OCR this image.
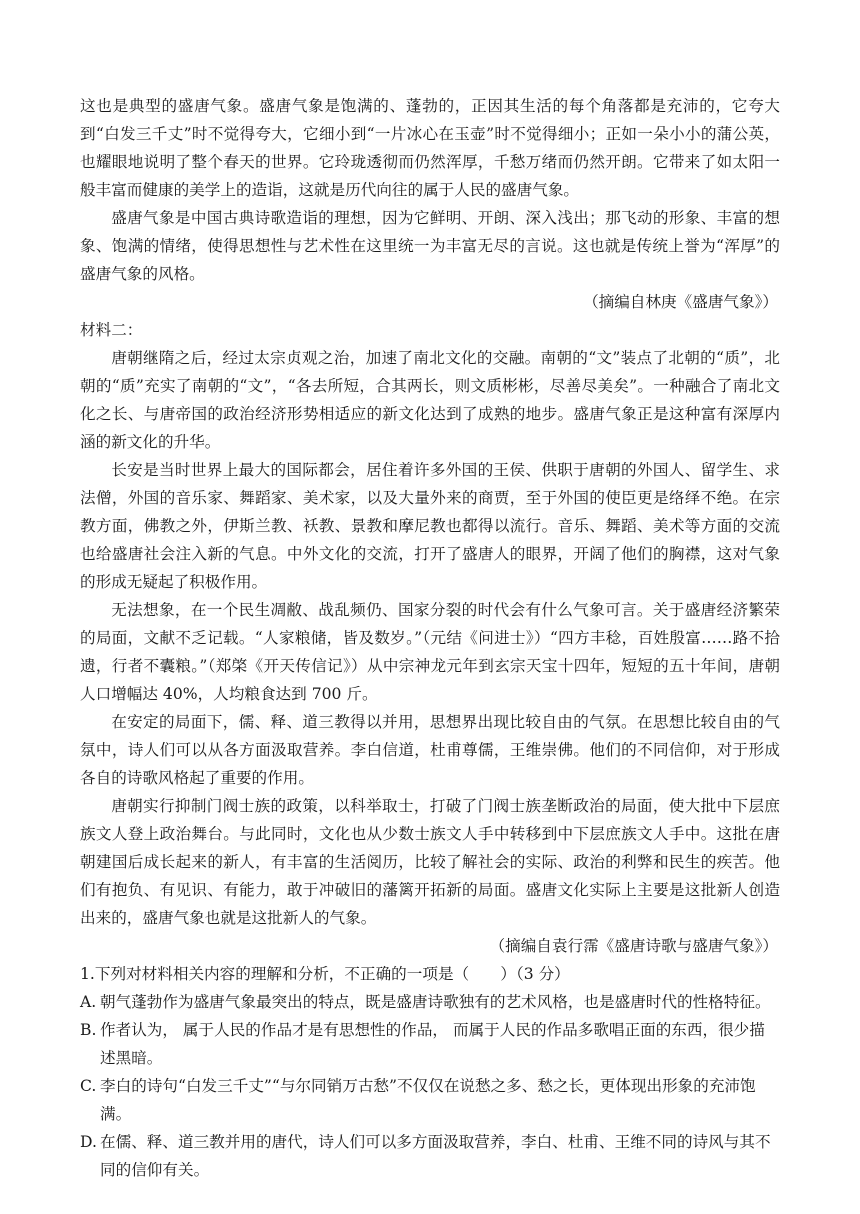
这也是典型的盛唐气象。盛唐气象是饱满的、蓬勃的，正因其生活的每个角落都是充沛的，它夸大到“白发三千丈”时不觉得夸大，它细小到“一片冰心在玉壶”时不觉得细小；正如一朵小小的蒲公英，也耀眼地说明了整个春天的世界。它玲珑透彻而仍然浑厚，千愁万绪而仍然开朗。它带来了如太阳一般丰富而健康的美学上的造诣，这就是历代向往的属于人民的盛唐气象。

盛唐气象是中国古典诗歌造诣的理想，因为它鲜明、开朗、深入浅出；那飞动的形象、丰富的想象、饱满的情绪，使得思想性与艺术性在这里统一为丰富无尽的言说。这也就是传统上誉为“浑厚”的盛唐气象的风格。

（摘编自林庚《盛唐气象》）

材料二：

唐朝继隋之后，经过太宗贞观之治，加速了南北文化的交融。南朝的“文”装点了北朝的“质”，北朝的“质”充实了南朝的“文”，“各去所短，合其两长，则文质彬彬，尽善尽美矣”。一种融合了南北文化之长、与唐帝国的政治经济形势相适应的新文化达到了成熟的地步。盛唐气象正是这种富有深厚内涵的新文化的升华。

长安是当时世界上最大的国际都会，居住着许多外国的王侯、供职于唐朝的外国人、留学生、求法僧，外国的音乐家、舞蹈家、美术家，以及大量外来的商贾，至于外国的使臣更是络绎不绝。在宗教方面，佛教之外，伊斯兰教、袄教、景教和摩尼教也都得以流行。音乐、舞蹈、美术等方面的交流也给盛唐社会注入新的气息。中外文化的交流，打开了盛唐人的眼界，开阔了他们的胸襟，这对气象的形成无疑起了积极作用。

无法想象，在一个民生凋敝、战乱频仍、国家分裂的时代会有什么气象可言。关于盛唐经济繁荣的局面，文献不乏记载。“人家粮储，皆及数岁。”（元结《问进士》）“四方丰稔，百姓殷富……路不拾遗，行者不囊粮。”（郑棨《开天传信记》）从中宗神龙元年到玄宗天宝十四年，短短的五十年间，唐朝人口增幅达 40%，人均粮食达到 700 斤。

在安定的局面下，儒、释、道三教得以并用，思想界出现比较自由的气氛。在思想比较自由的气氛中，诗人们可以从各方面汲取营养。李白信道，杜甫尊儒，王维崇佛。他们的不同信仰，对于形成各自的诗歌风格起了重要的作用。

唐朝实行抑制门阀士族的政策，以科举取士，打破了门阀士族垄断政治的局面，使大批中下层庶族文人登上政治舞台。与此同时，文化也从少数士族文人手中转移到中下层庶族文人手中。这批在唐朝建国后成长起来的新人，有丰富的生活阅历，比较了解社会的实际、政治的利弊和民生的疾苦。他们有抱负、有见识、有能力，敢于冲破旧的藩篱开拓新的局面。盛唐文化实际上主要是这批新人创造出来的，盛唐气象也就是这批新人的气象。

（摘编自袁行霈《盛唐诗歌与盛唐气象》）

1.下列对材料相关内容的理解和分析，不正确的一项是（　　）（3 分）

A. 朝气蓬勃作为盛唐气象最突出的特点，既是盛唐诗歌独有的艺术风格，也是盛唐时代的性格特征。
B. 作者认为， 属于人民的作品才是有思想性的作品， 而属于人民的作品多歌唱正面的东西，很少描述黑暗。
C. 李白的诗句“白发三千丈”“与尔同销万古愁”不仅仅在说愁之多、愁之长，更体现出形象的充沛饱满。
D. 在儒、释、道三教并用的唐代，诗人们可以多方面汲取营养，李白、杜甫、王维不同的诗风与其不同的信仰有关。
